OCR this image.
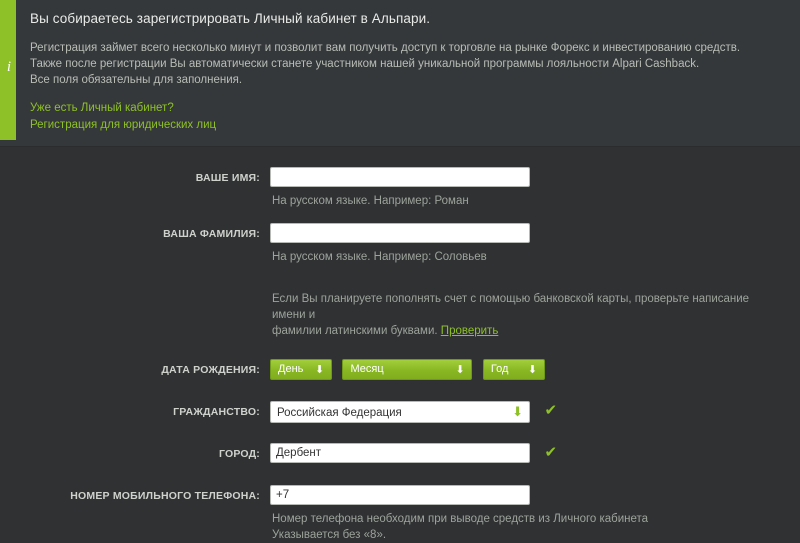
i
Вы собираетесь зарегистрировать Личный кабинет в Альпари.
Регистрация займет всего несколько минут и позволит вам получить доступ к торговле на рынке Форекс и инвестированию средств.
Также после регистрации Вы автоматически станете участником нашей уникальной программы лояльности Alpari Cashback.
Все поля обязательны для заполнения.
Уже есть Личный кабинет?
Регистрация для юридических лиц
ВАШЕ ИМЯ:
На русском языке. Например: Роман
ВАША ФАМИЛИЯ:
На русском языке. Например: Соловьев
Если Вы планируете пополнять счет с помощью банковской карты, проверьте написание имени и
фамилии латинскими буквами. Проверить
ДАТА РОЖДЕНИЯ:	День ⬇ Месяц	⬇ Год ⬇
ГРАЖДАНСТВО:	Российская Федерация	⬇ ✔
ГОРОД:
Дербент	✔
НОМЕР МОБИЛЬНОГО ТЕЛЕФОНА:
+7
Номер телефона необходим при выводе средств из Личного кабинета
Указывается без «8».
